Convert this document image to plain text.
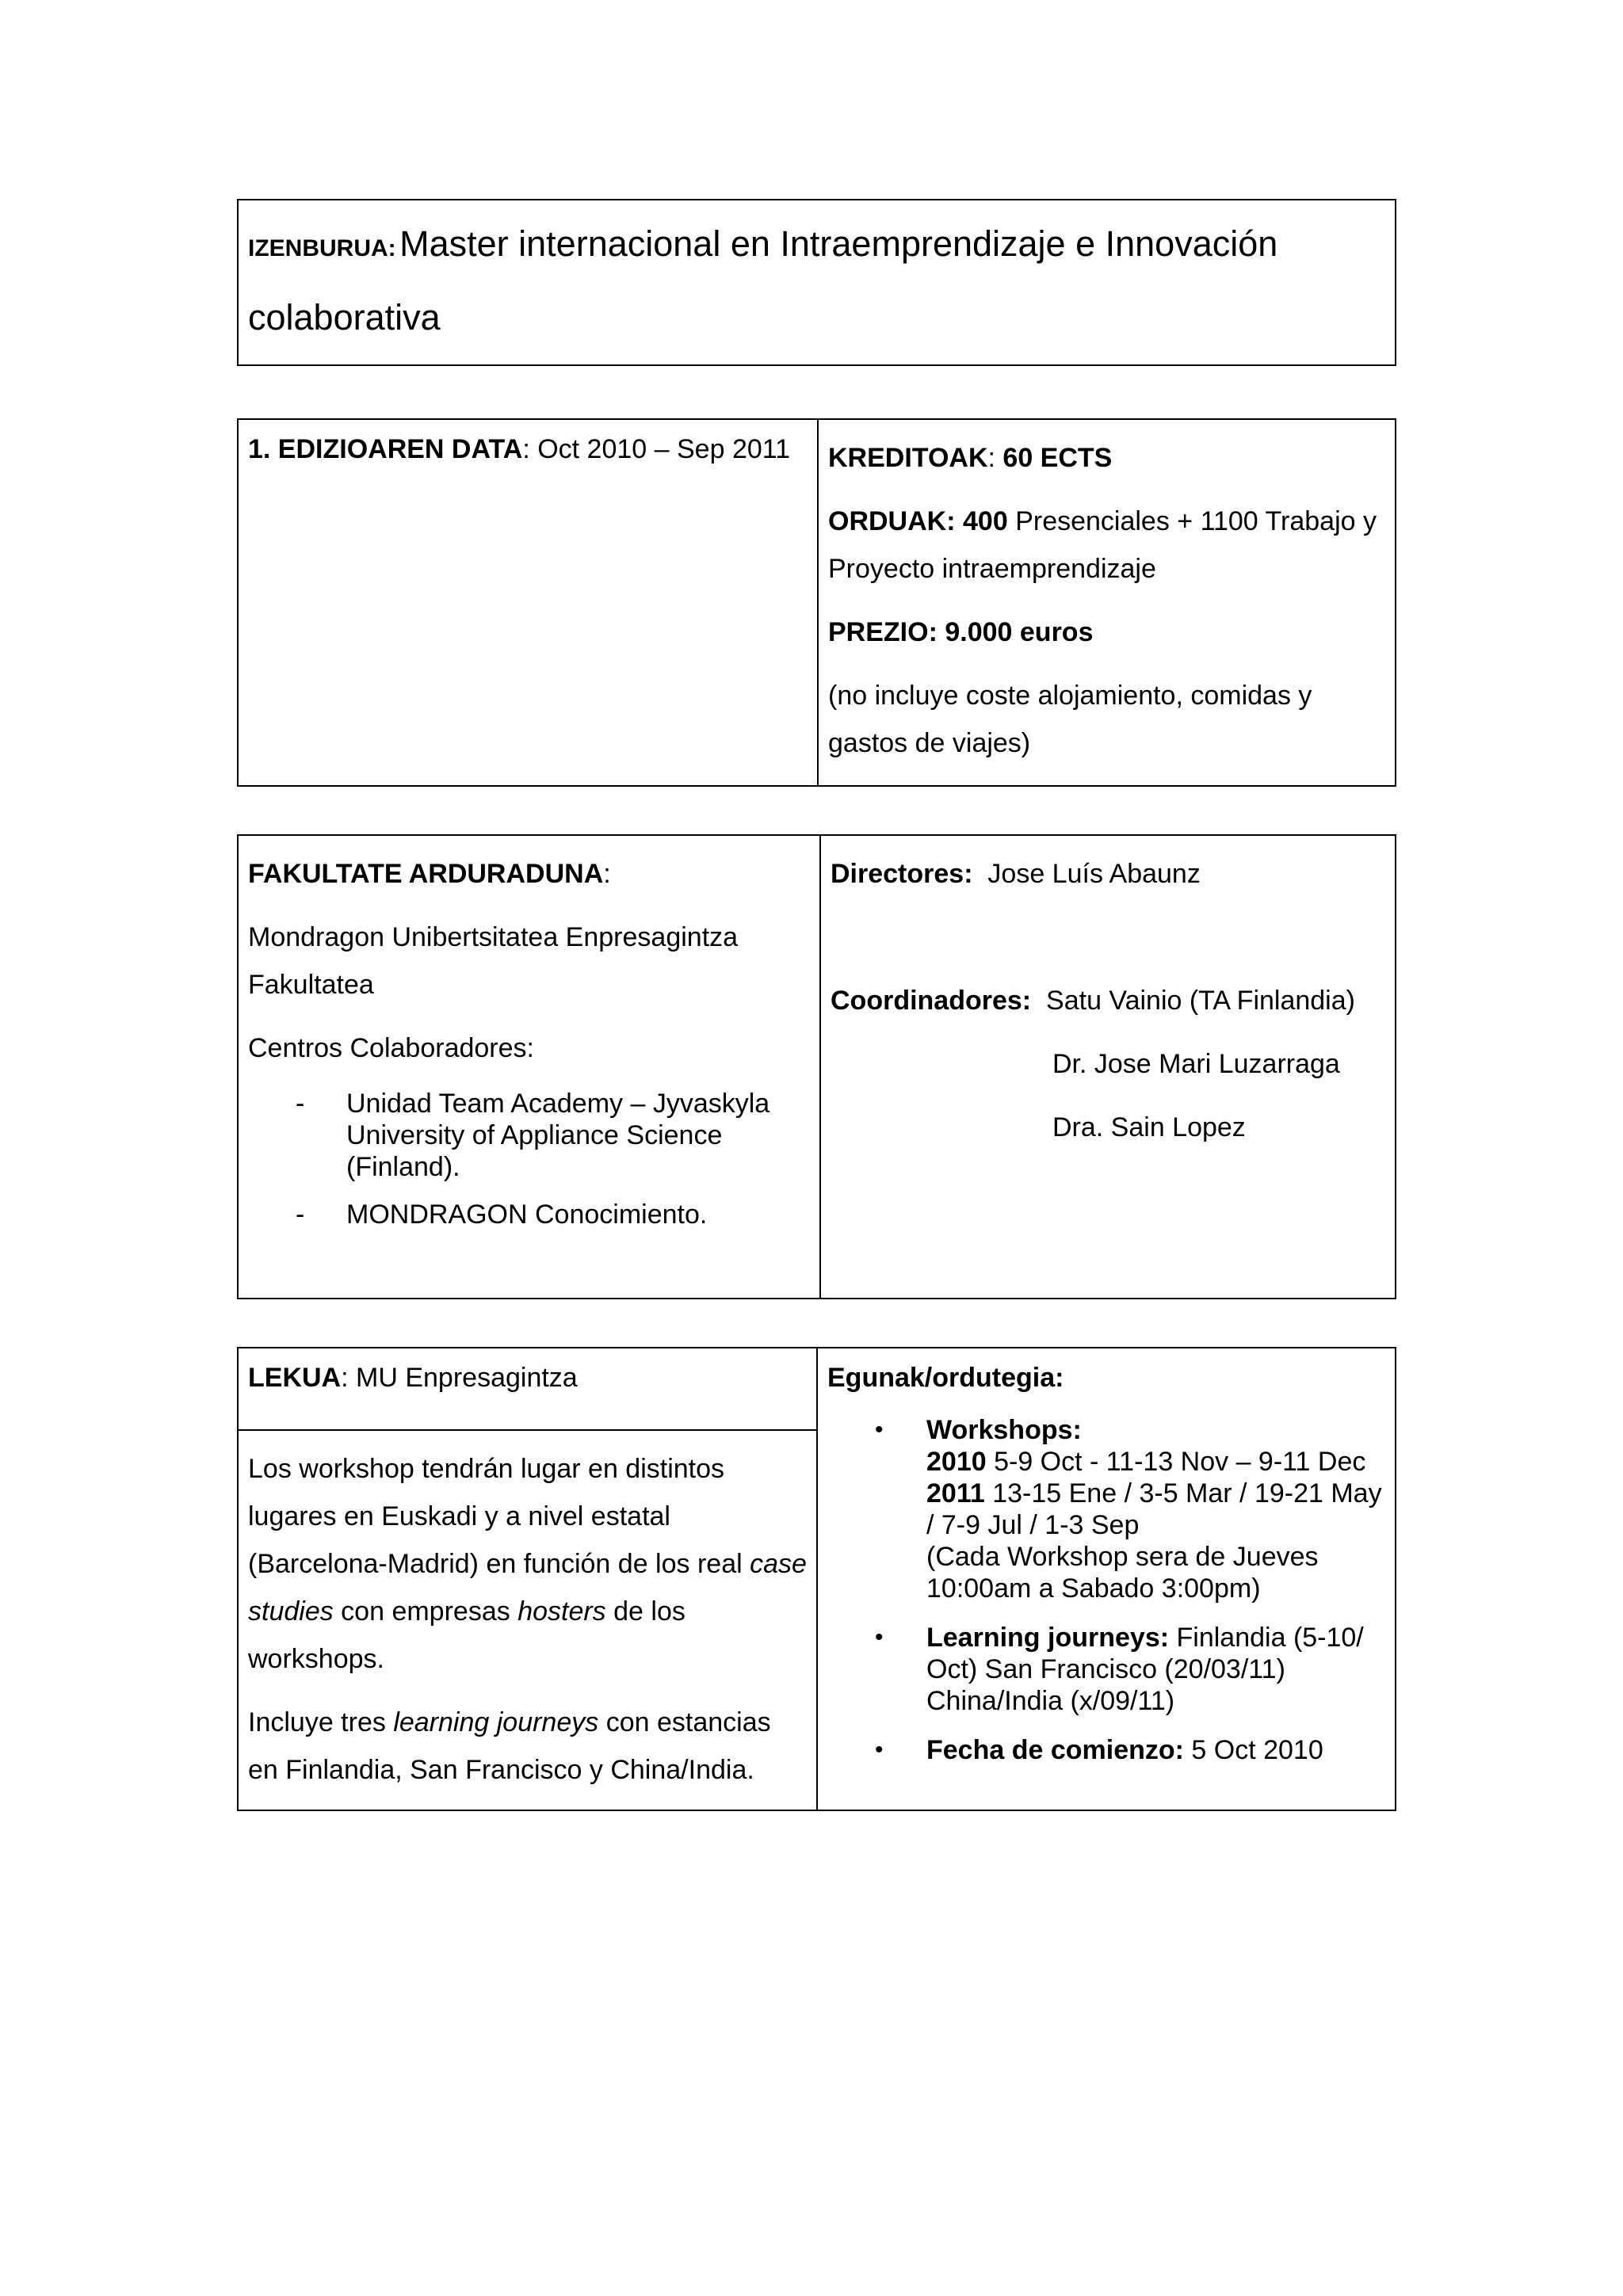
IZENBURUA: Master internacional en Intraemprendizaje e Innovación
colaborativa
1. EDIZIOAREN DATA: Oct 2010 – Sep 2011	KREDITOAK: 60 ECTS

ORDUAK: 400 Presenciales + 1100 Trabajo y Proyecto intraemprendizaje

PREZIO: 9.000 euros

(no incluye coste alojamiento, comidas y gastos de viajes)

FAKULTATE ARDURADUNA:

Mondragon Unibertsitatea Enpresagintza Fakultatea

Centros Colaboradores:

- Unidad Team Academy – Jyvaskyla University of Appliance Science (Finland).
- MONDRAGON Conocimiento.

Directores: Jose Luís Abaunz

Coordinadores: Satu Vainio (TA Finlandia)

Dr. Jose Mari Luzarraga

Dra. Sain Lopez

LEKUA: MU Enpresagintza

Los workshop tendrán lugar en distintos lugares en Euskadi y a nivel estatal (Barcelona-Madrid) en función de los real case studies con empresas hosters de los workshops.

Incluye tres learning journeys con estancias en Finlandia, San Francisco y China/India.

Egunak/ordutegia:
• Workshops:
2010 5-9 Oct - 11-13 Nov – 9-11 Dec
2011 13-15 Ene / 3-5 Mar / 19-21 May / 7-9 Jul / 1-3 Sep
(Cada Workshop sera de Jueves 10:00am a Sabado 3:00pm)
• Learning journeys: Finlandia (5-10/ Oct) San Francisco (20/03/11) China/India (x/09/11)
• Fecha de comienzo: 5 Oct 2010
